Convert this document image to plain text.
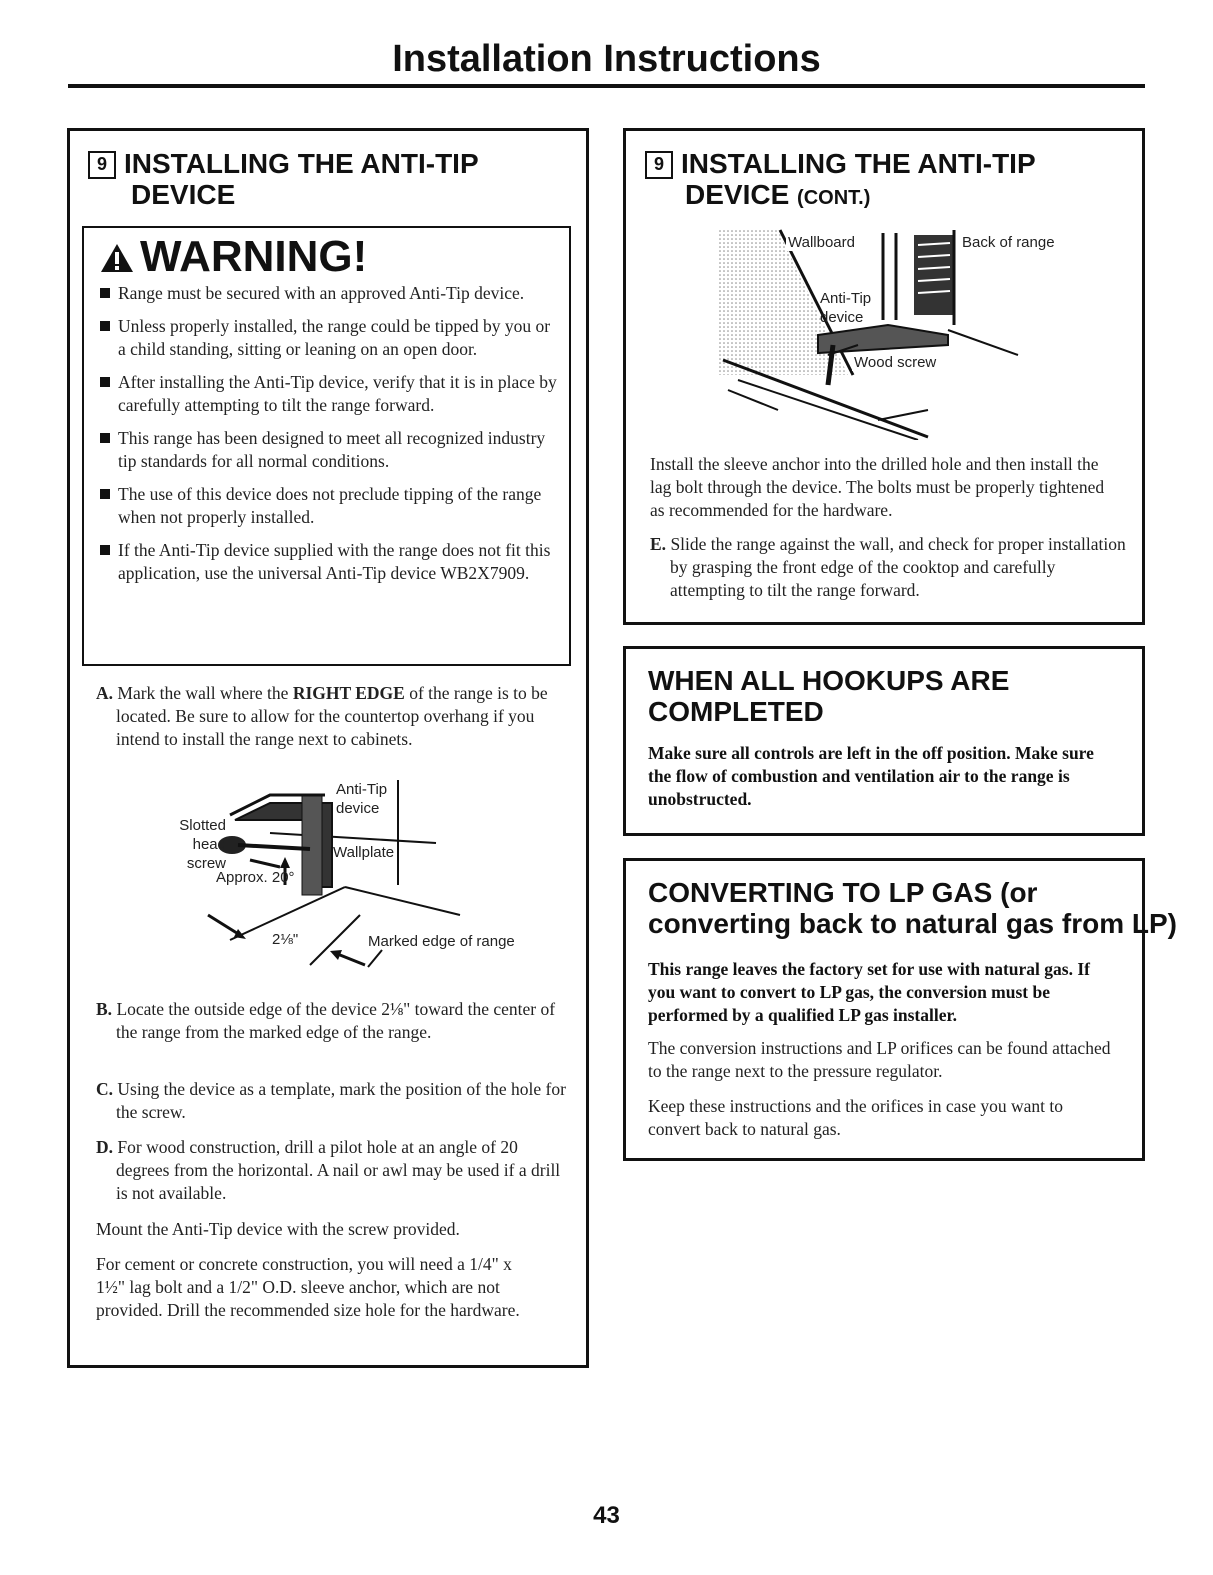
Installation Instructions
9 INSTALLING THE ANTI-TIP
DEVICE
WARNING!
Range must be secured with an approved Anti-Tip device.
Unless properly installed, the range could be tipped by you or a child standing, sitting or leaning on an open door.
After installing the Anti-Tip device, verify that it is in place by carefully attempting to tilt the range forward.
This range has been designed to meet all recognized industry tip standards for all normal conditions.
The use of this device does not preclude tipping of the range when not properly installed.
If the Anti-Tip device supplied with the range does not fit this application, use the universal Anti-Tip device WB2X7909.
A. Mark the wall where the RIGHT EDGE of the range is to be located. Be sure to allow for the countertop overhang if you intend to install the range next to cabinets.
Anti-Tip
device
Slotted head
screw
Wallplate
Approx. 20°
2⅛"	Marked edge of range
B. Locate the outside edge of the device 2⅛" toward the center of the range from the marked edge of the range.
C. Using the device as a template, mark the position of the hole for the screw.
D. For wood construction, drill a pilot hole at an angle of 20 degrees from the horizontal. A nail or awl may be used if a drill is not available.
Mount the Anti-Tip device with the screw provided.
For cement or concrete construction, you will need a 1/4" x 1½" lag bolt and a 1/2" O.D. sleeve anchor, which are not provided. Drill the recommended size hole for the hardware.
9 INSTALLING THE ANTI-TIP
DEVICE (CONT.)
Wallboard	Back of range
Anti-Tip
device
Wood screw
Install the sleeve anchor into the drilled hole and then install the lag bolt through the device. The bolts must be properly tightened as recommended for the hardware.
E. Slide the range against the wall, and check for proper installation by grasping the front edge of the cooktop and carefully attempting to tilt the range forward.
WHEN ALL HOOKUPS ARE
COMPLETED
Make sure all controls are left in the off position. Make sure the flow of combustion and ventilation air to the range is unobstructed.
CONVERTING TO LP GAS (or
converting back to natural gas from LP)
This range leaves the factory set for use with natural gas. If you want to convert to LP gas, the conversion must be performed by a qualified LP gas installer.
The conversion instructions and LP orifices can be found attached to the range next to the pressure regulator.
Keep these instructions and the orifices in case you want to convert back to natural gas.
43
